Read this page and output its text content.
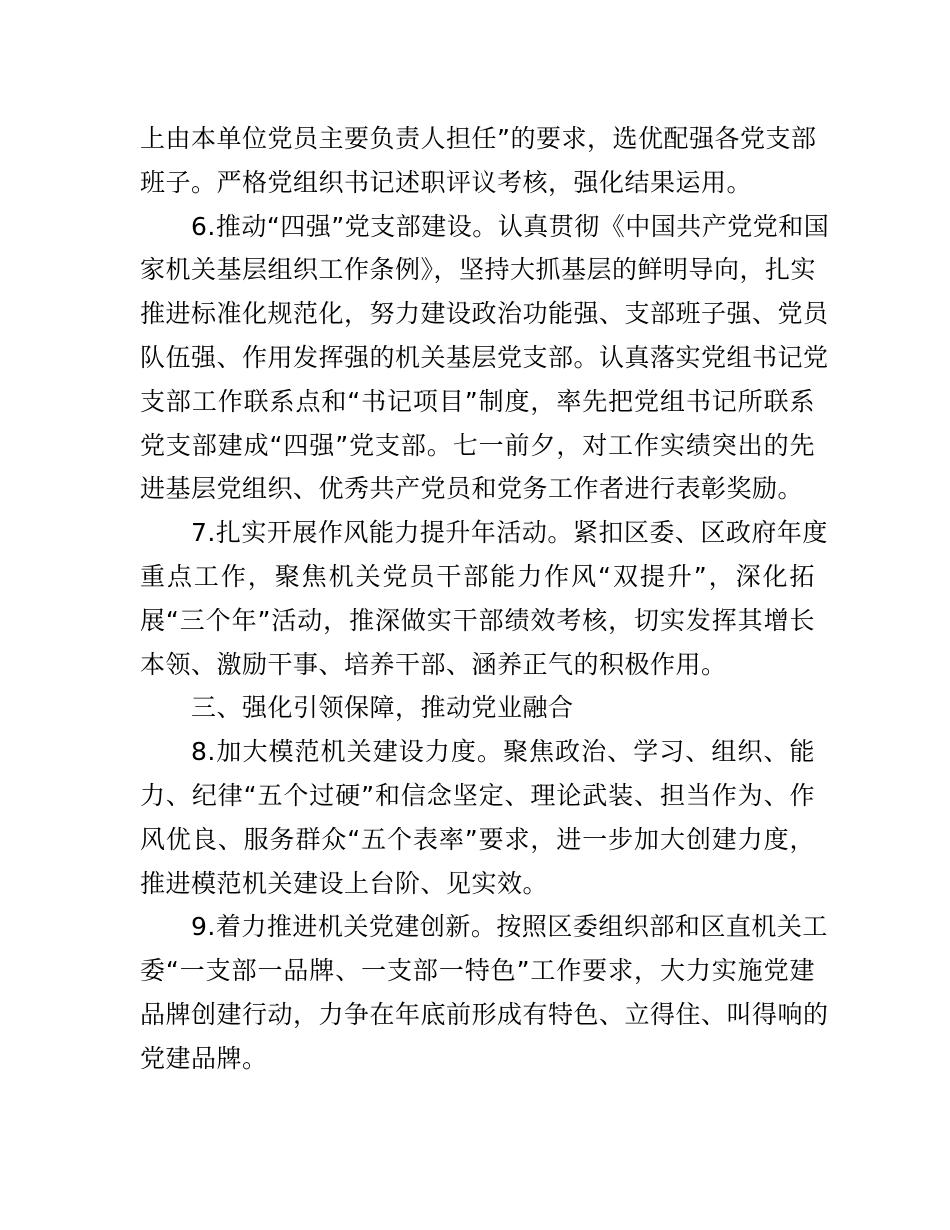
上由本单位党员主要负责人担任”的要求，选优配强各党支部
班子。严格党组织书记述职评议考核，强化结果运用。
6.推动“四强”党支部建设。认真贯彻《中国共产党党和国
家机关基层组织工作条例》，坚持大抓基层的鲜明导向，扎实
推进标准化规范化，努力建设政治功能强、支部班子强、党员
队伍强、作用发挥强的机关基层党支部。认真落实党组书记党
支部工作联系点和“书记项目”制度，率先把党组书记所联系
党支部建成“四强”党支部。七一前夕，对工作实绩突出的先
进基层党组织、优秀共产党员和党务工作者进行表彰奖励。
7.扎实开展作风能力提升年活动。紧扣区委、区政府年度
重点工作，聚焦机关党员干部能力作风“双提升”，深化拓
展“三个年”活动，推深做实干部绩效考核，切实发挥其增长
本领、激励干事、培养干部、涵养正气的积极作用。
三、强化引领保障，推动党业融合
8.加大模范机关建设力度。聚焦政治、学习、组织、能
力、纪律“五个过硬”和信念坚定、理论武装、担当作为、作
风优良、服务群众“五个表率”要求，进一步加大创建力度，
推进模范机关建设上台阶、见实效。
9.着力推进机关党建创新。按照区委组织部和区直机关工
委“一支部一品牌、一支部一特色”工作要求，大力实施党建
品牌创建行动，力争在年底前形成有特色、立得住、叫得响的
党建品牌。
